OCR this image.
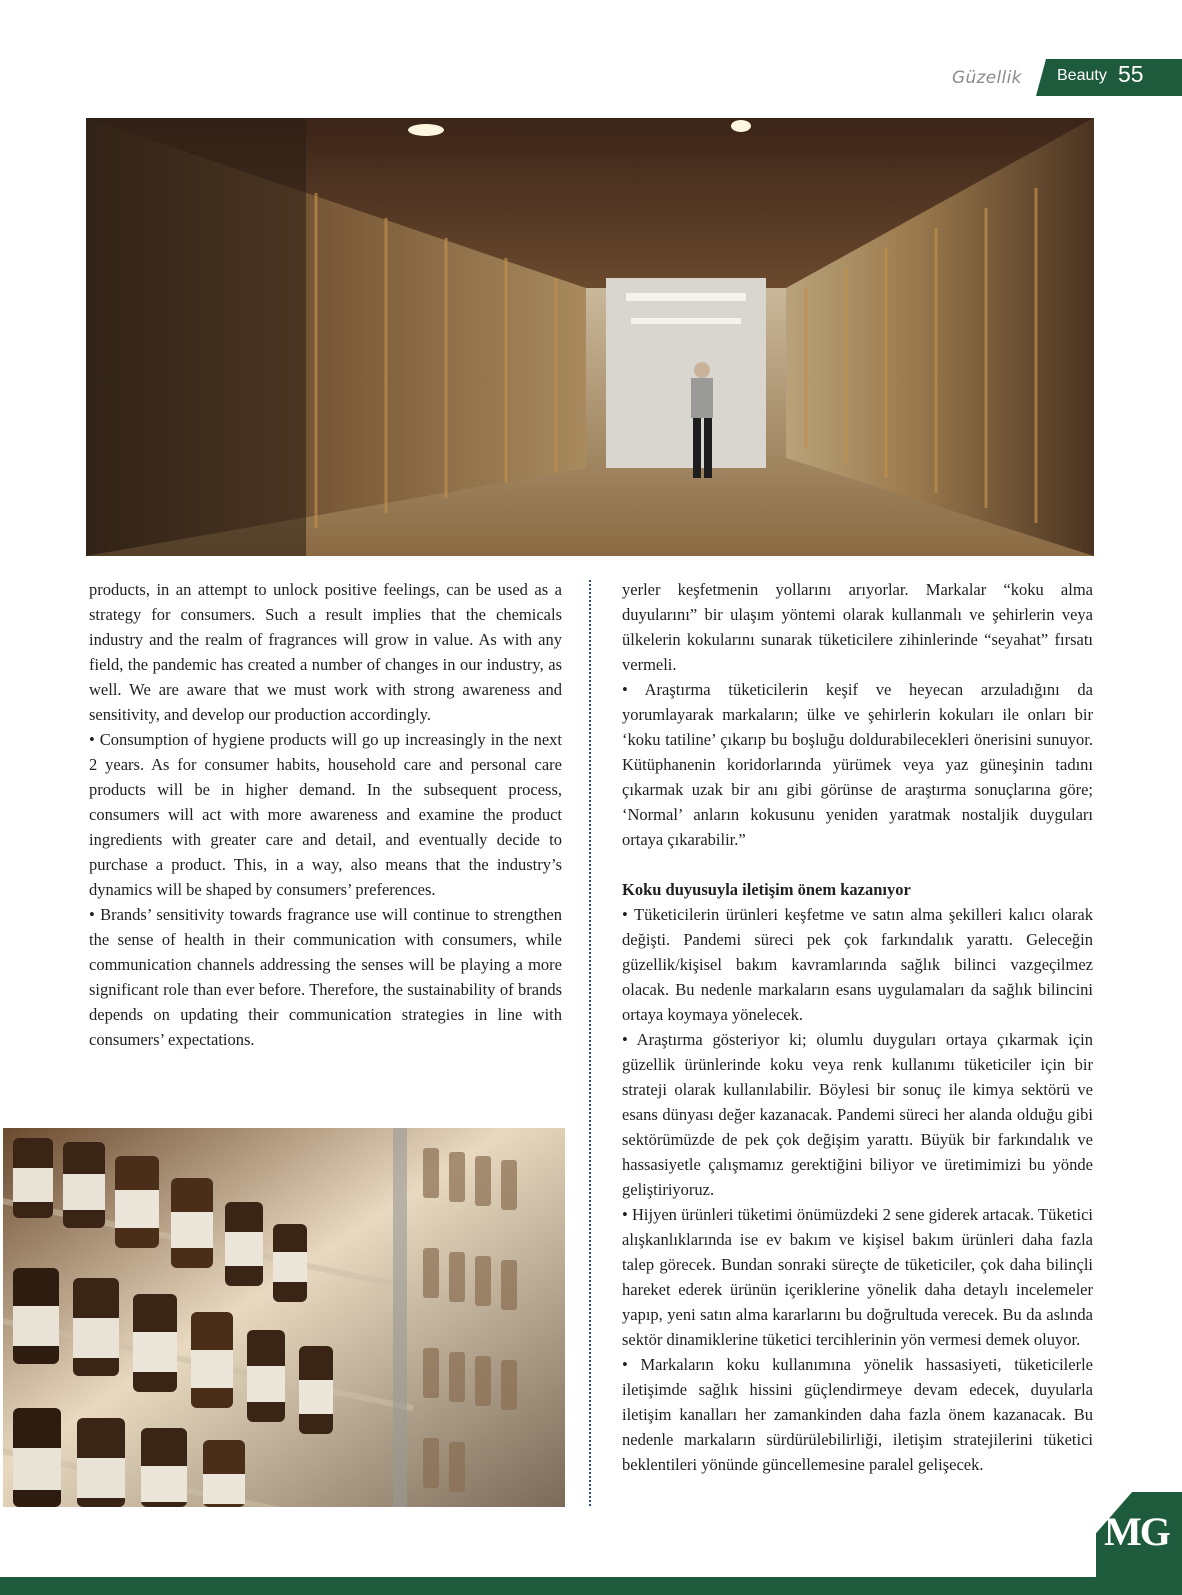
Güzellik Beauty 55

products, in an attempt to unlock positive feelings, can be used as a strategy for consumers. Such a result implies that the chemicals industry and the realm of fragrances will grow in value. As with any field, the pandemic has created a number of changes in our industry, as well. We are aware that we must work with strong awareness and sensitivity, and develop our production accordingly.

• Consumption of hygiene products will go up increasingly in the next 2 years. As for consumer habits, household care and personal care products will be in higher demand. In the subsequent process, consumers will act with more awareness and examine the product ingredients with greater care and detail, and eventually decide to purchase a product. This, in a way, also means that the industry’s dynamics will be shaped by consumers’ preferences.

• Brands’ sensitivity towards fragrance use will continue to strengthen the sense of health in their communication with consumers, while communication channels addressing the senses will be playing a more significant role than ever before. Therefore, the sustainability of brands depends on updating their communication strategies in line with consumers’ expectations.

yerler keşfetmenin yollarını arıyorlar. Markalar “koku alma duyularını” bir ulaşım yöntemi olarak kullanmalı ve şehirlerin veya ülkelerin kokularını sunarak tüketicilere zihinlerinde “seyahat” fırsatı vermeli.

• Araştırma tüketicilerin keşif ve heyecan arzuladığını da yorumlayarak markaların; ülke ve şehirlerin kokuları ile onları bir ‘koku tatiline’ çıkarıp bu boşluğu doldurabilecekleri önerisini sunuyor. Kütüphanenin koridorlarında yürümek veya yaz güneşinin tadını çıkarmak uzak bir anı gibi görünse de araştırma sonuçlarına göre; ‘Normal’ anların kokusunu yeniden yaratmak nostaljik duyguları ortaya çıkarabilir.”

Koku duyusuyla iletişim önem kazanıyor

• Tüketicilerin ürünleri keşfetme ve satın alma şekilleri kalıcı olarak değişti. Pandemi süreci pek çok farkındalık yarattı. Geleceğin güzellik/kişisel bakım kavramlarında sağlık bilinci vazgeçilmez olacak. Bu nedenle markaların esans uygulamaları da sağlık bilincini ortaya koymaya yönelecek.

• Araştırma gösteriyor ki; olumlu duyguları ortaya çıkarmak için güzellik ürünlerinde koku veya renk kullanımı tüketiciler için bir strateji olarak kullanılabilir. Böylesi bir sonuç ile kimya sektörü ve esans dünyası değer kazanacak. Pandemi süreci her alanda olduğu gibi sektörümüzde de pek çok değişim yarattı. Büyük bir farkındalık ve hassasiyetle çalışmamız gerektiğini biliyor ve üretimimizi bu yönde geliştiriyoruz.

• Hijyen ürünleri tüketimi önümüzdeki 2 sene giderek artacak. Tüketici alışkanlıklarında ise ev bakım ve kişisel bakım ürünleri daha fazla talep görecek. Bundan sonraki süreçte de tüketiciler, çok daha bilinçli hareket ederek ürünün içeriklerine yönelik daha detaylı incelemeler yapıp, yeni satın alma kararlarını bu doğrultuda verecek. Bu da aslında sektör dinamiklerine tüketici tercihlerinin yön vermesi demek oluyor.

• Markaların koku kullanımına yönelik hassasiyeti, tüketicilerle iletişimde sağlık hissini güçlendirmeye devam edecek, duyularla iletişim kanalları her zamankinden daha fazla önem kazanacak. Bu nedenle markaların sürdürülebilirliği, iletişim stratejilerini tüketici beklentileri yönünde güncellemesine paralel gelişecek.

MG
